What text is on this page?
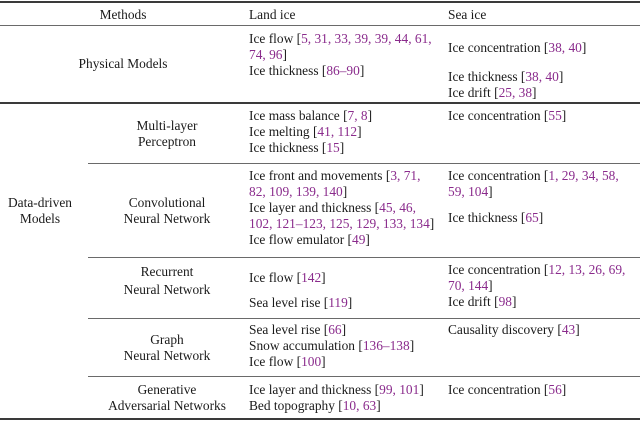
Methods	Land ice	Sea ice
Physical Models
Ice flow [5, 31, 33, 39, 39, 44, 61,
74, 96]
Ice thickness [86–90]
Ice concentration [38, 40]
Ice thickness [38, 40]
Ice drift [25, 38]
Data-driven
Models
Multi-layer
Perceptron
Ice mass balance [7, 8]
Ice melting [41, 112]
Ice thickness [15]
Ice concentration [55]
Convolutional
Neural Network
Ice front and movements [3, 71,
82, 109, 139, 140]
Ice layer and thickness [45, 46,
102, 121–123, 125, 129, 133, 134]
Ice flow emulator [49]
Ice concentration [1, 29, 34, 58,
59, 104]
Ice thickness [65]
Recurrent
Neural Network
Ice flow [142]
Sea level rise [119]
Ice concentration [12, 13, 26, 69,
70, 144]
Ice drift [98]
Graph
Neural Network
Sea level rise [66]
Snow accumulation [136–138]
Ice flow [100]
Causality discovery [43]
Generative
Adversarial Networks
Ice layer and thickness [99, 101]
Bed topography [10, 63]
Ice concentration [56]
